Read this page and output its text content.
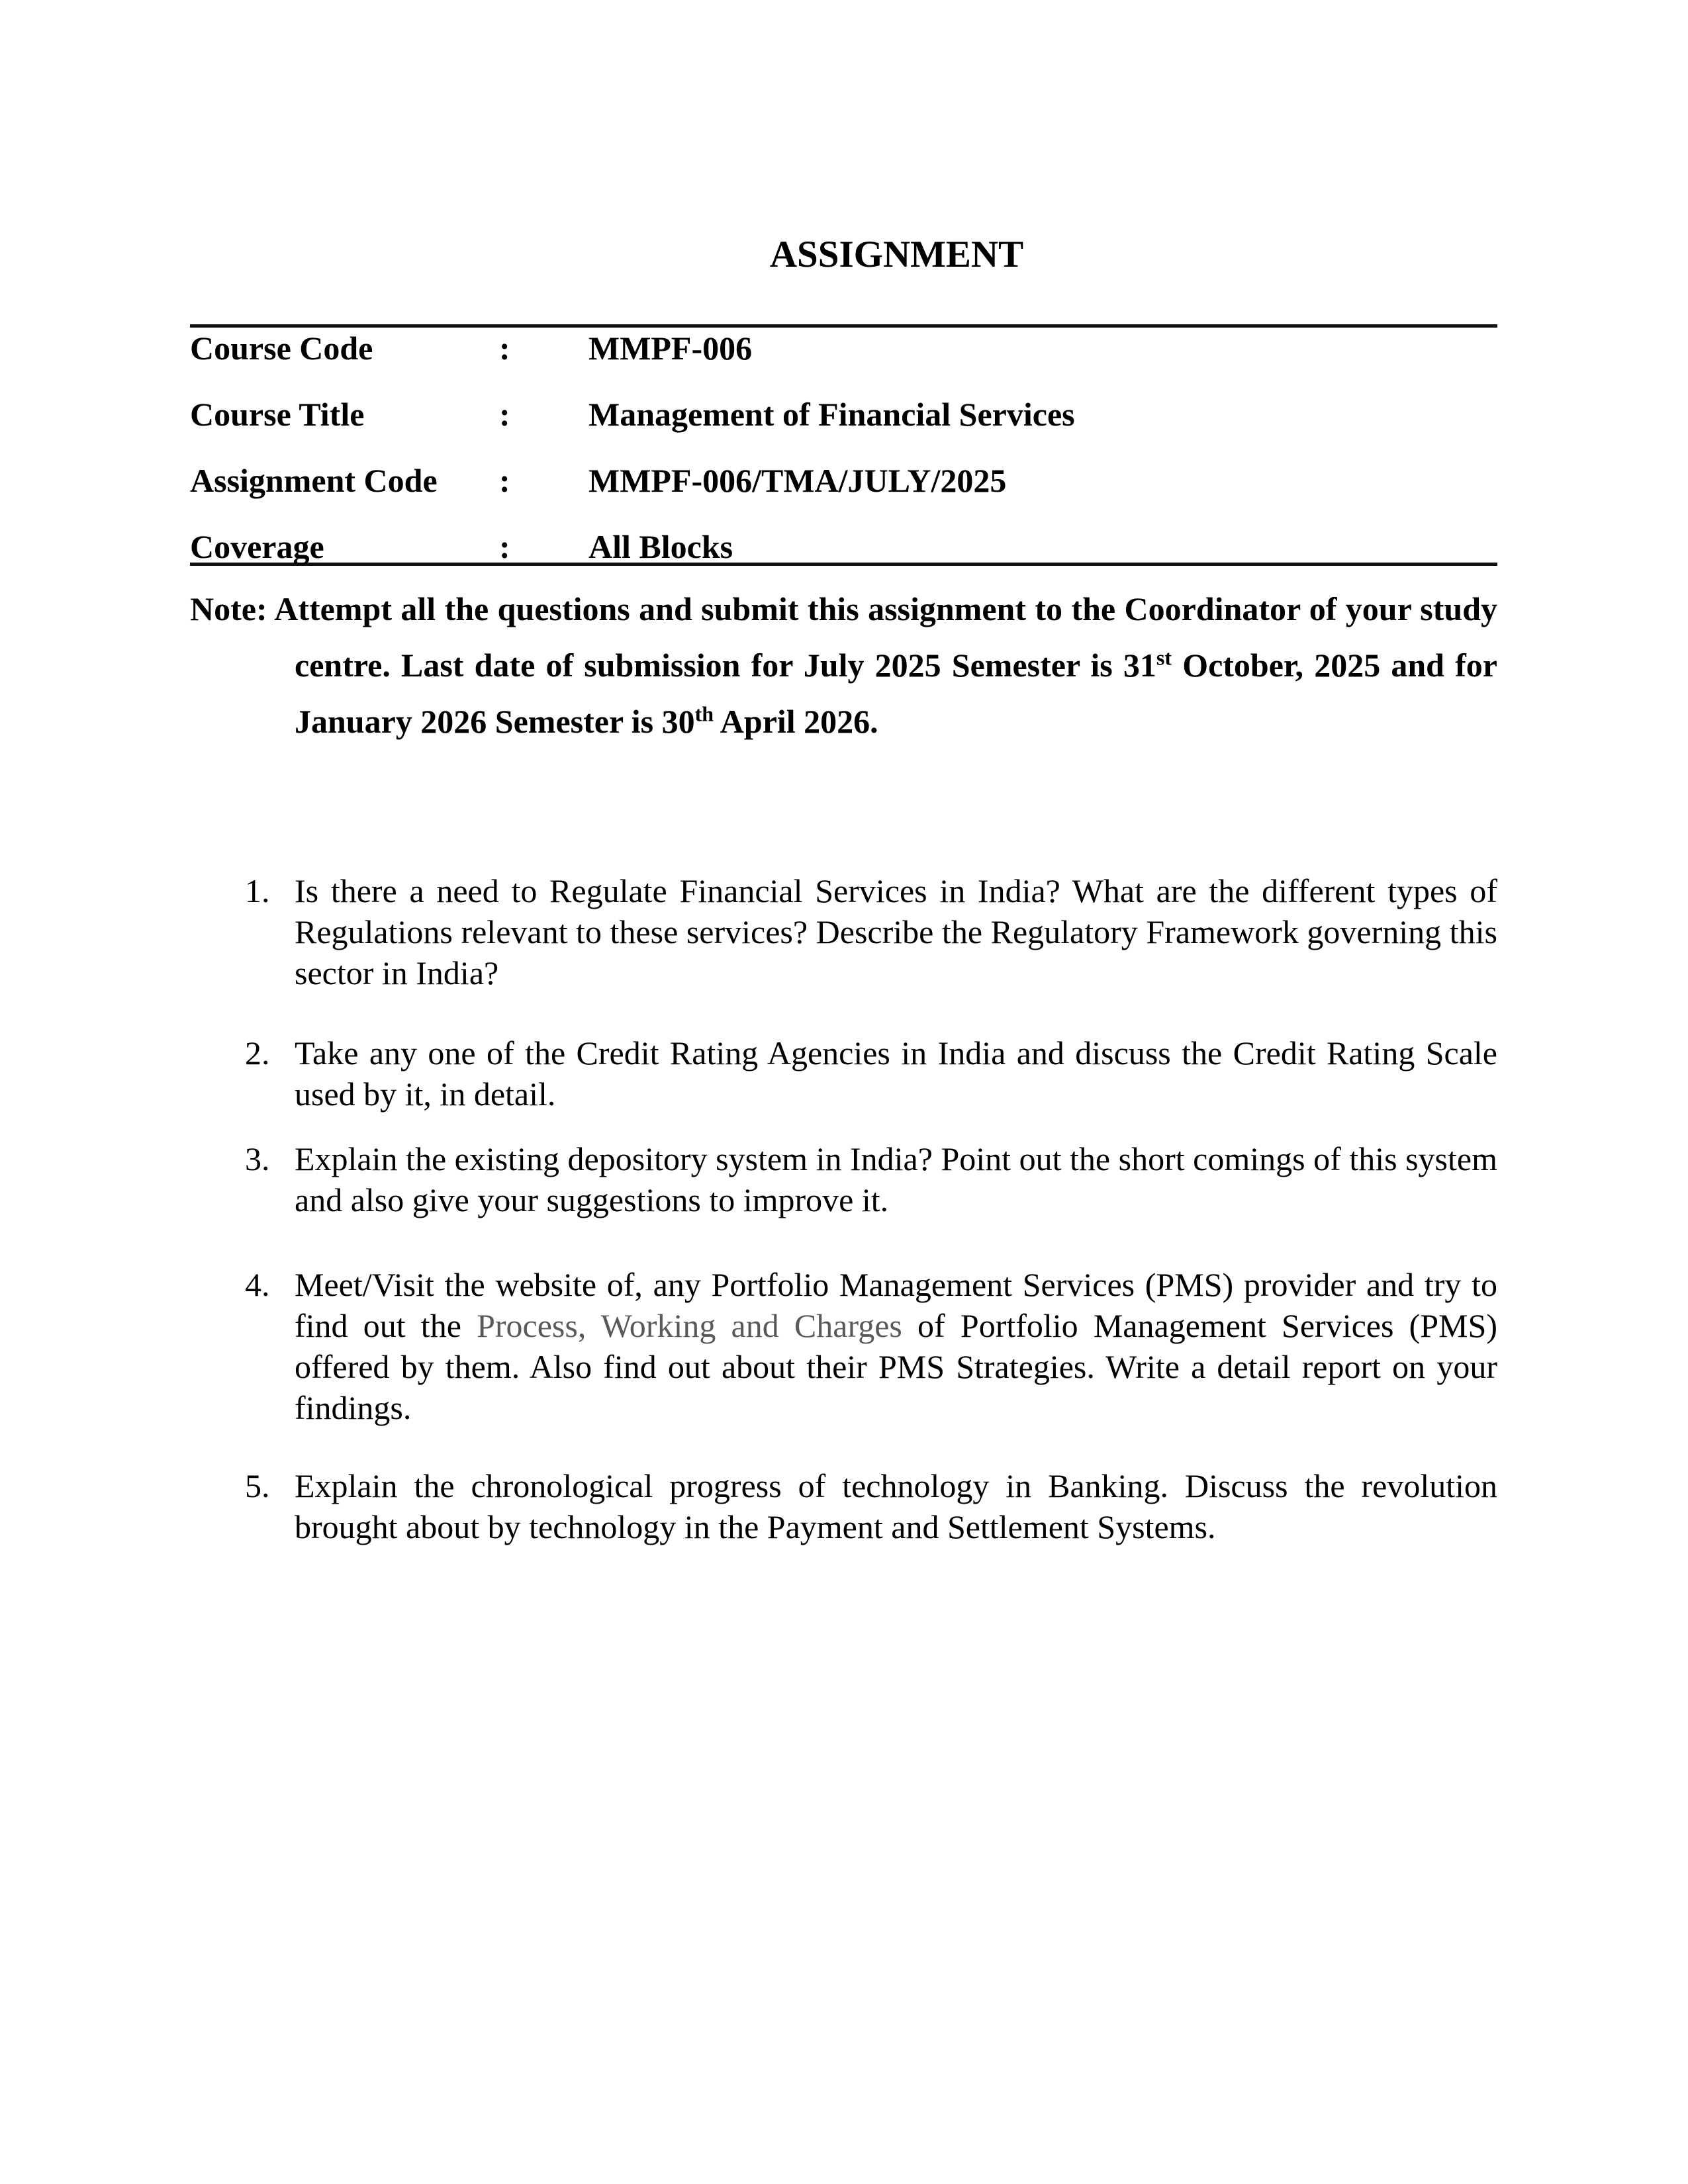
ASSIGNMENT
Course Code	:	MMPF-006
Course Title	:	Management of Financial Services
Assignment Code	:	MMPF-006/TMA/JULY/2025
Coverage	:	All Blocks
Note: Attempt all the questions and submit this assignment to the Coordinator of your study  centre. Last date of submission for July 2025 Semester is 31st October, 2025 and for January 2026 Semester is 30th April 2026.
1. Is there a need to Regulate Financial Services in India? What are the different types of Regulations relevant to these services? Describe the Regulatory Framework governing this sector in India?
2. Take any one of the Credit Rating Agencies in India and discuss the Credit Rating Scale used by it, in detail.
3. Explain the existing depository system in India? Point out the short comings of this system and also give your suggestions to improve it.
4. Meet/Visit the website of, any Portfolio Management Services (PMS) provider and try to find out the Process, Working and Charges of Portfolio Management Services (PMS) offered by them. Also find out about their PMS Strategies. Write a detail report on your findings.
5. Explain the chronological progress of technology in Banking. Discuss the revolution brought about by technology in the Payment and Settlement Systems.
